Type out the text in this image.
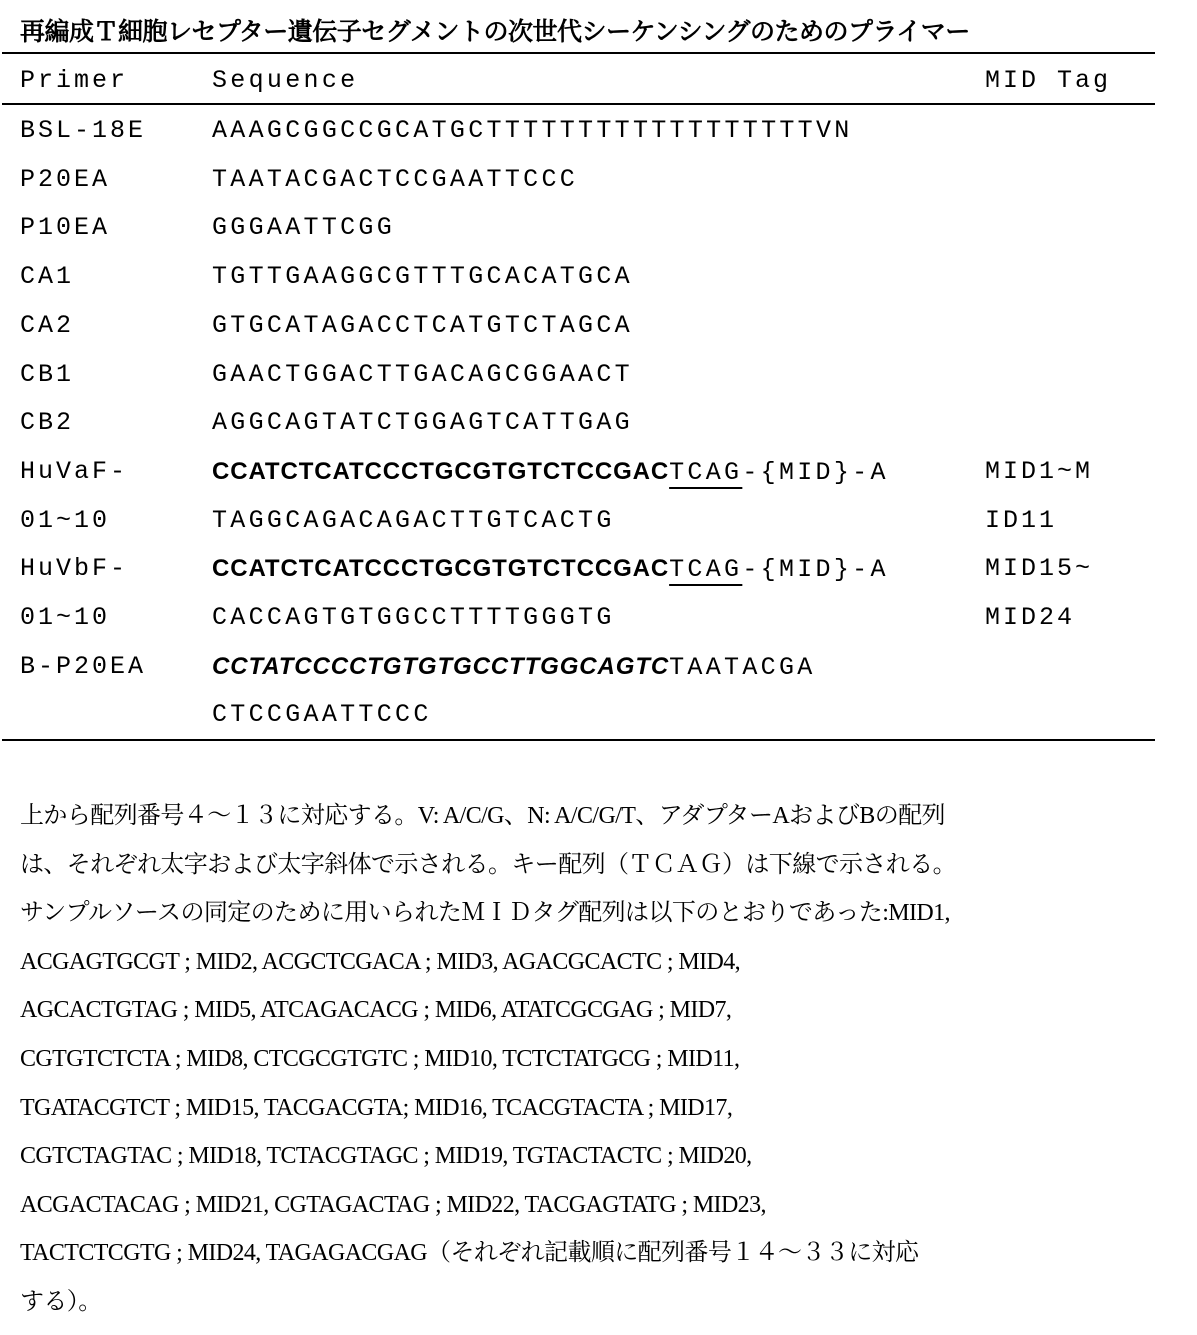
再編成Ｔ細胞レセプター遺伝子セグメントの次世代シーケンシングのためのプライマー
Primer	Sequence	MID Tag
BSL-18E	AAAGCGGCCGCATGCTTTTTTTTTTTTTTTTTTVN
P20EA	TAATACGACTCCGAATTCCC
P10EA	GGGAATTCGG
CA1	TGTTGAAGGCGTTTGCACATGCA
CA2	GTGCATAGACCTCATGTCTAGCA
CB1	GAACTGGACTTGACAGCGGAACT
CB2	AGGCAGTATCTGGAGTCATTGAG
HuVaF-	CCATCTCATCCCTGCGTGTCTCCGACTCAG-{MID}-A	MID1~M
01~10	TAGGCAGACAGACTTGTCACTG	ID11
HuVbF-	CCATCTCATCCCTGCGTGTCTCCGACTCAG-{MID}-A	MID15~
01~10	CACCAGTGTGGCCTTTTGGGTG	MID24
B-P20EA	CCTATCCCCTGTGTGCCTTGGCAGTCTAATACGA
CTCCGAATTCCC
上から配列番号４～１３に対応する。V: A/C/G、N: A/C/G/T、アダプターAおよびBの配列
は、それぞれ太字および太字斜体で示される。キー配列（ＴＣＡＧ）は下線で示される。
サンプルソースの同定のために用いられたＭＩＤタグ配列は以下のとおりであった:MID1,
ACGAGTGCGT ; MID2, ACGCTCGACA ; MID3, AGACGCACTC ; MID4,
AGCACTGTAG ; MID5, ATCAGACACG ; MID6, ATATCGCGAG ; MID7,
CGTGTCTCTA ; MID8, CTCGCGTGTC ; MID10, TCTCTATGCG ; MID11,
TGATACGTCT ; MID15, TACGACGTA; MID16, TCACGTACTA ; MID17,
CGTCTAGTAC ; MID18, TCTACGTAGC ; MID19, TGTACTACTC ; MID20,
ACGACTACAG ; MID21, CGTAGACTAG ; MID22, TACGAGTATG ; MID23,
TACTCTCGTG ; MID24, TAGAGACGAG（それぞれ記載順に配列番号１４～３３に対応
する）。
